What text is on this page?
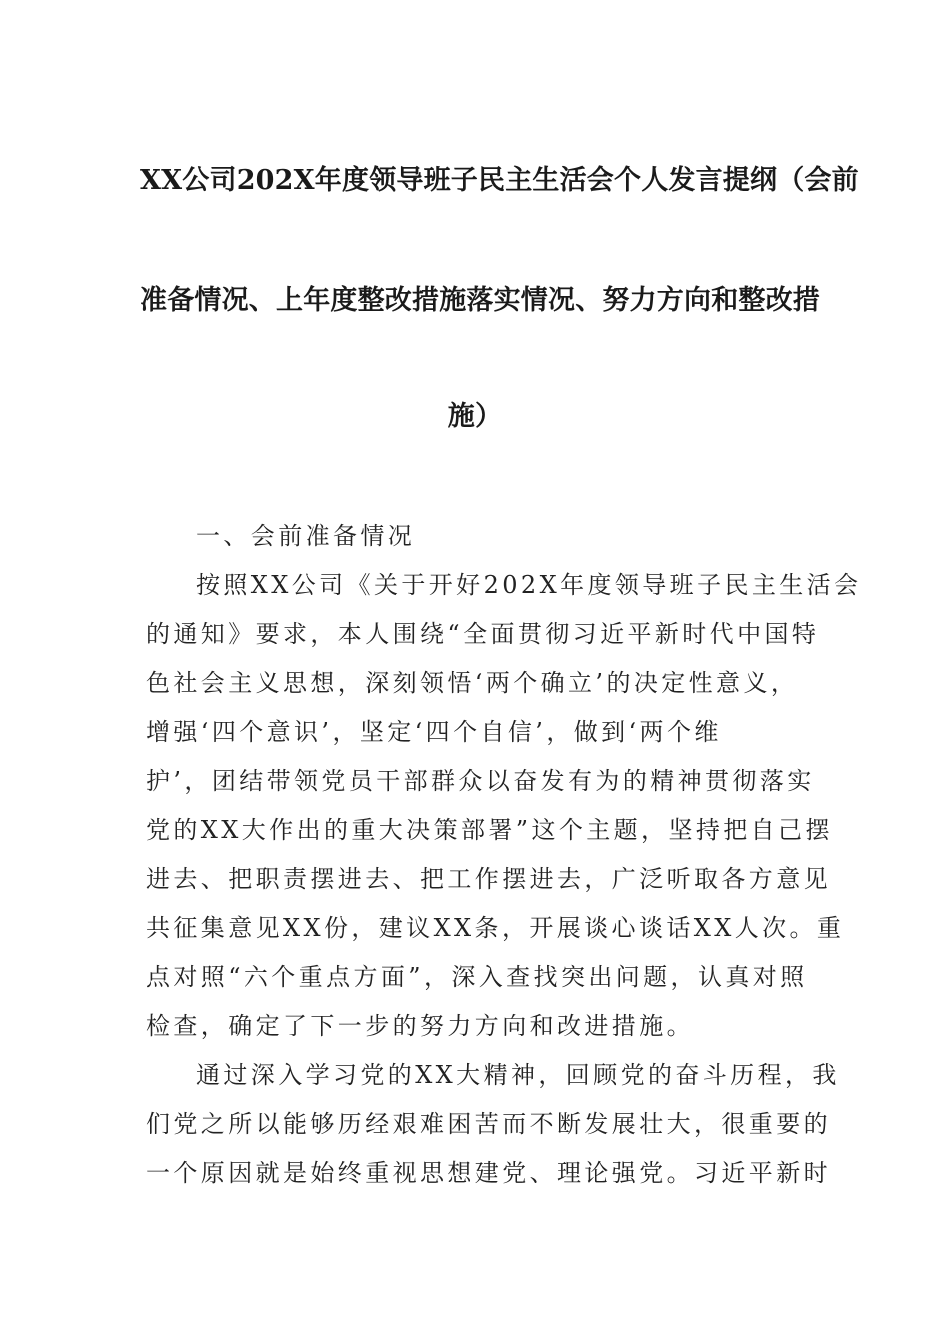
XX公司202X年度领导班子民主生活会个人发言提纲（会前
准备情况、上年度整改措施落实情况、努力方向和整改措
施）
一、会前准备情况
按照XX公司《关于开好202X年度领导班子民主生活会
的通知》要求，本人围绕“全面贯彻习近平新时代中国特
色社会主义思想，深刻领悟‘两个确立’的决定性意义，
增强‘四个意识’，坚定‘四个自信’，做到‘两个维
护’，团结带领党员干部群众以奋发有为的精神贯彻落实
党的XX大作出的重大决策部署”这个主题，坚持把自己摆
进去、把职责摆进去、把工作摆进去，广泛听取各方意见
共征集意见XX份，建议XX条，开展谈心谈话XX人次。重
点对照“六个重点方面”，深入查找突出问题，认真对照
检查，确定了下一步的努力方向和改进措施。
通过深入学习党的XX大精神，回顾党的奋斗历程，我
们党之所以能够历经艰难困苦而不断发展壮大，很重要的
一个原因就是始终重视思想建党、理论强党。习近平新时
